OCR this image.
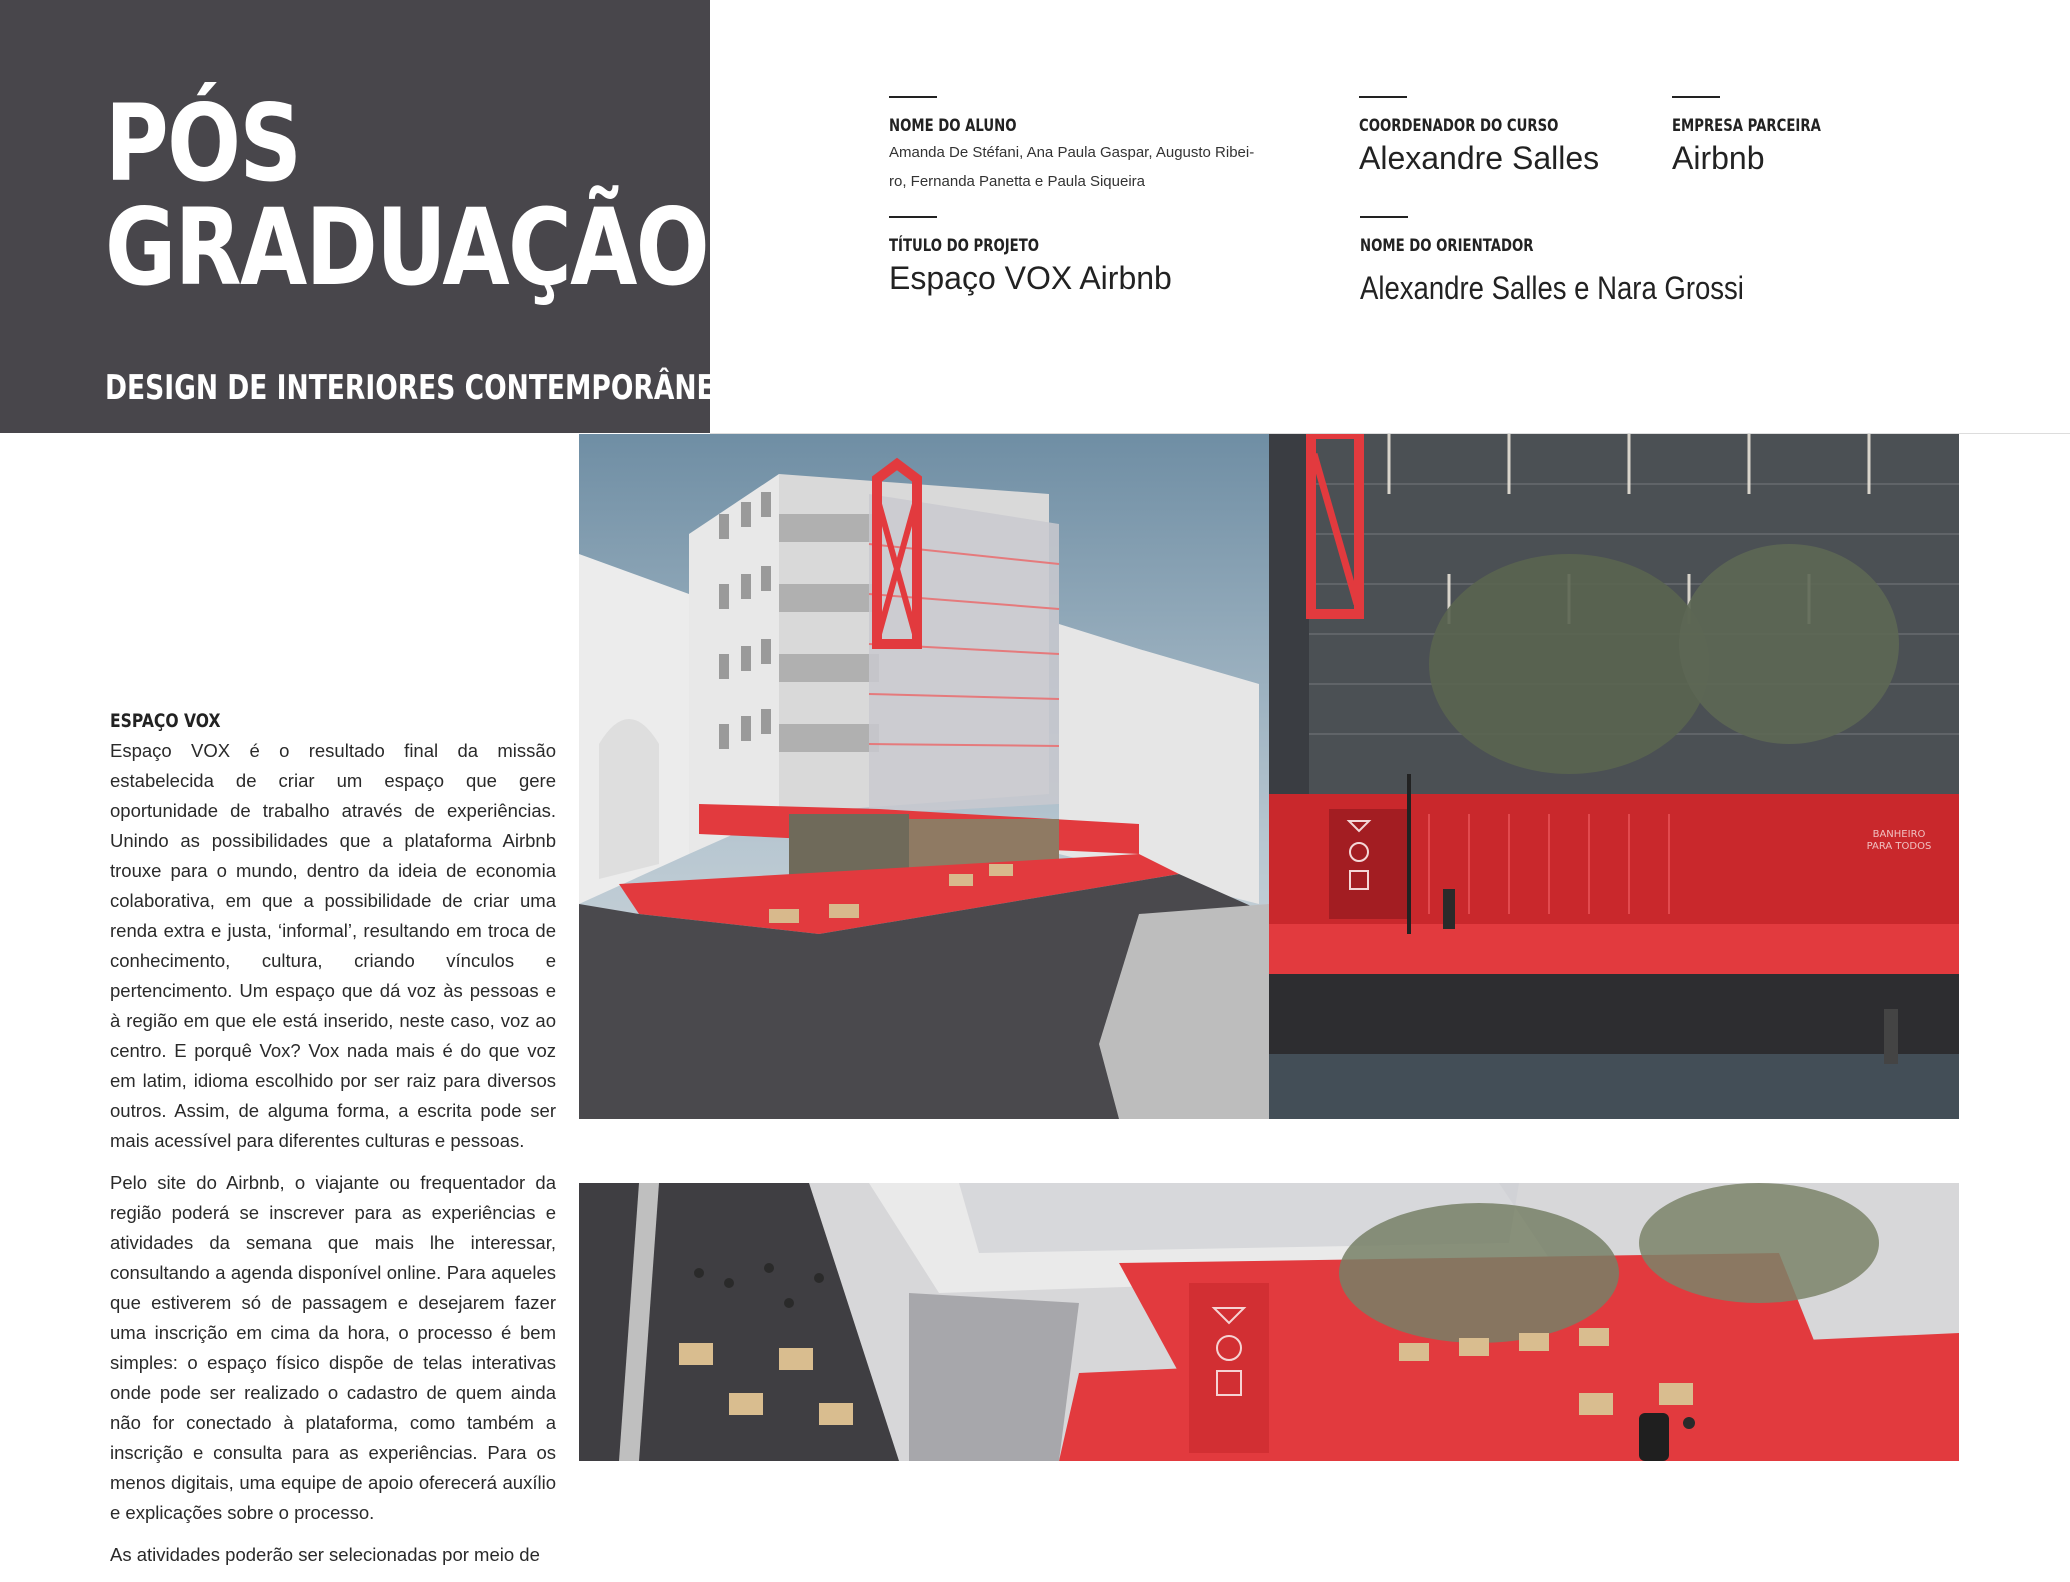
PÓS
GRADUAÇÃO
DESIGN DE INTERIORES CONTEMPORÂNEO
NOME DO ALUNO
Amanda De Stéfani, Ana Paula Gaspar, Augusto Ribei-
ro, Fernanda Panetta e Paula Siqueira
TÍTULO DO PROJETO
Espaço VOX Airbnb
COORDENADOR DO CURSO
Alexandre Salles
EMPRESA PARCEIRA
Airbnb
NOME DO ORIENTADOR
Alexandre Salles e Nara Grossi
BANHEIRO PARA TODOS
ESPAÇO VOX

Espaço VOX é o resultado final da missão estabelecida de criar um espaço que gere oportunidade de trabalho através de experiências. Unindo as possibilidades que a plataforma Airbnb trouxe para o mundo, dentro da ideia de economia colaborativa, em que a possibilidade de criar uma renda extra e justa, ‘informal’, resultando em troca de conhecimento, cultura, criando vínculos e pertencimento. Um espaço que dá voz às pessoas e à região em que ele está inserido, neste caso, voz ao centro. E porquê Vox? Vox nada mais é do que voz em latim, idioma escolhido por ser raiz para diversos outros. Assim, de alguma forma, a escrita pode ser mais acessível para diferentes culturas e pessoas.

Pelo site do Airbnb, o viajante ou frequentador da região poderá se inscrever para as experiências e atividades da semana que mais lhe interessar, consultando a agenda disponível online. Para aqueles que estiverem só de passagem e desejarem fazer uma inscrição em cima da hora, o processo é bem simples: o espaço físico dispõe de telas interativas onde pode ser realizado o cadastro de quem ainda não for conectado à plataforma, como também a inscrição e consulta para as experiências. Para os menos digitais, uma equipe de apoio oferecerá auxílio e explicações sobre o processo.

As atividades poderão ser selecionadas por meio de
